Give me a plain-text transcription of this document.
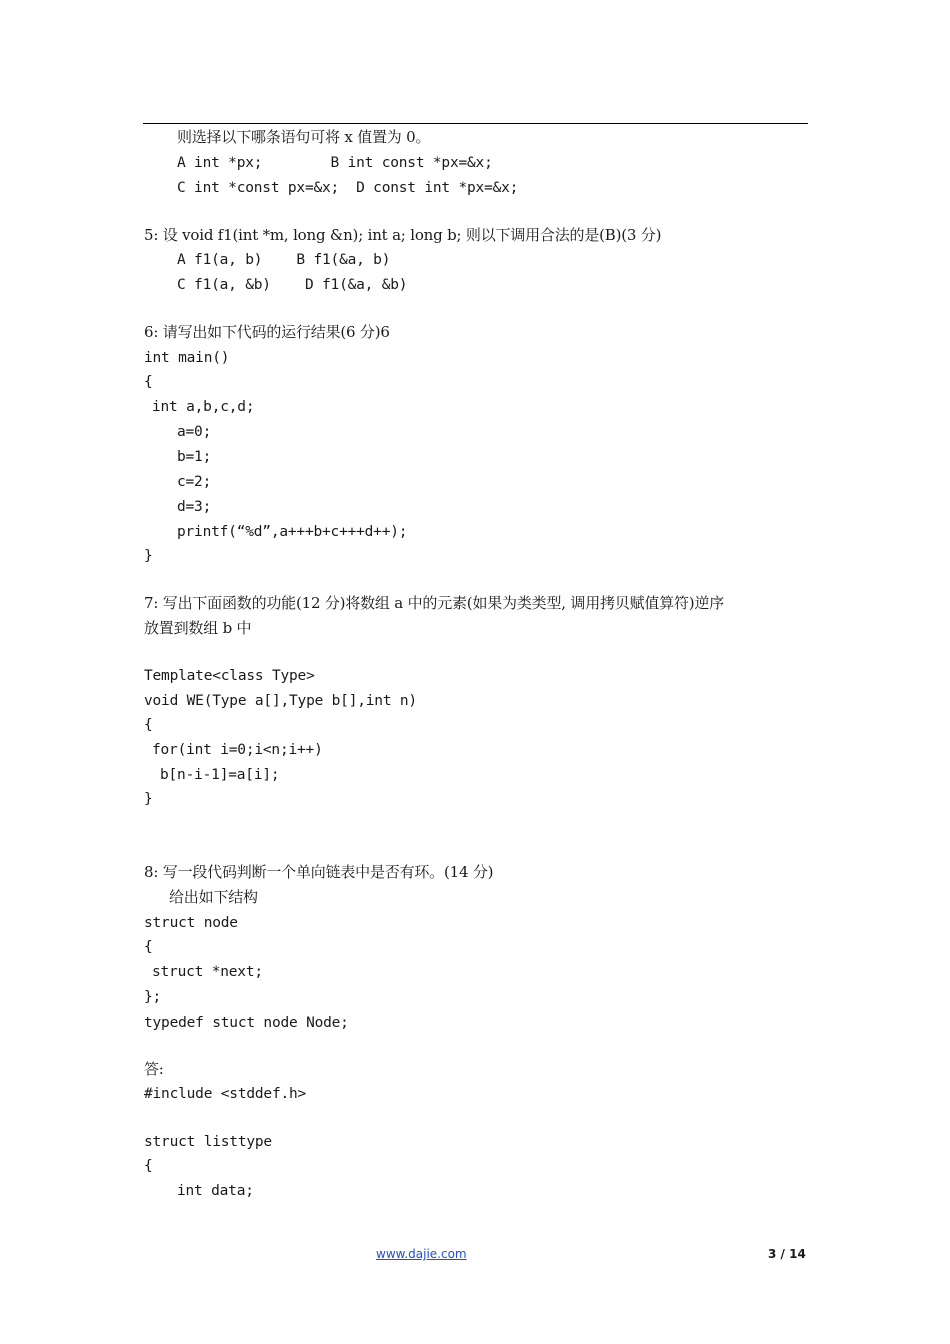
则选择以下哪条语句可将 x 值置为 0。
A int *px;        B int const *px=&x;
C int *const px=&x;  D const int *px=&x;
5: 设 void f1(int *m, long &n); int a; long b; 则以下调用合法的是(B)(3 分)
A f1(a, b)    B f1(&a, b)
C f1(a, &b)    D f1(&a, &b)
6: 请写出如下代码的运行结果(6 分)6
int main()
{
int a,b,c,d;
a=0;
b=1;
c=2;
d=3;
printf(“%d”,a+++b+c+++d++);
}
7: 写出下面函数的功能(12 分)将数组 a 中的元素(如果为类类型, 调用拷贝赋值算符)逆序
放置到数组 b 中
Template<class Type>
void WE(Type a[],Type b[],int n)
{
for(int i=0;i<n;i++)
b[n-i-1]=a[i];
}
8: 写一段代码判断一个单向链表中是否有环。(14 分)
给出如下结构
struct node
{
struct *next;
};
typedef stuct node Node;
答:
#include <stddef.h>
struct listtype
{
int data;
www.dajie.com	3 / 14
